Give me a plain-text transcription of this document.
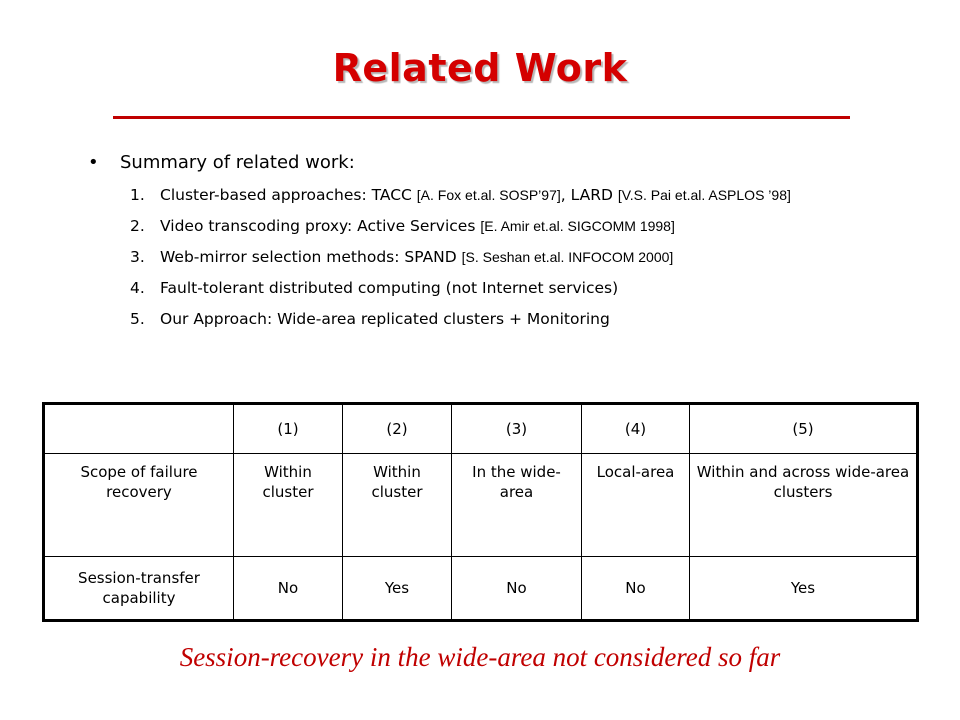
Related Work
• Summary of related work:
1. Cluster-based approaches: TACC [A. Fox et.al. SOSP’97], LARD [V.S. Pai et.al. ASPLOS ’98]
2. Video transcoding proxy: Active Services [E. Amir et.al. SIGCOMM 1998]
3. Web-mirror selection methods: SPAND [S. Seshan et.al. INFOCOM 2000]
4. Fault-tolerant distributed computing (not Internet services)
5. Our Approach: Wide-area replicated clusters + Monitoring
	(1)	(2)	(3)	(4)	(5)
Scope of failure recovery	Within cluster	Within cluster	In the wide-area	Local-area	Within and across wide-area clusters
Session-transfer capability	No	Yes	No	No	Yes
Session-recovery in the wide-area not considered so far
